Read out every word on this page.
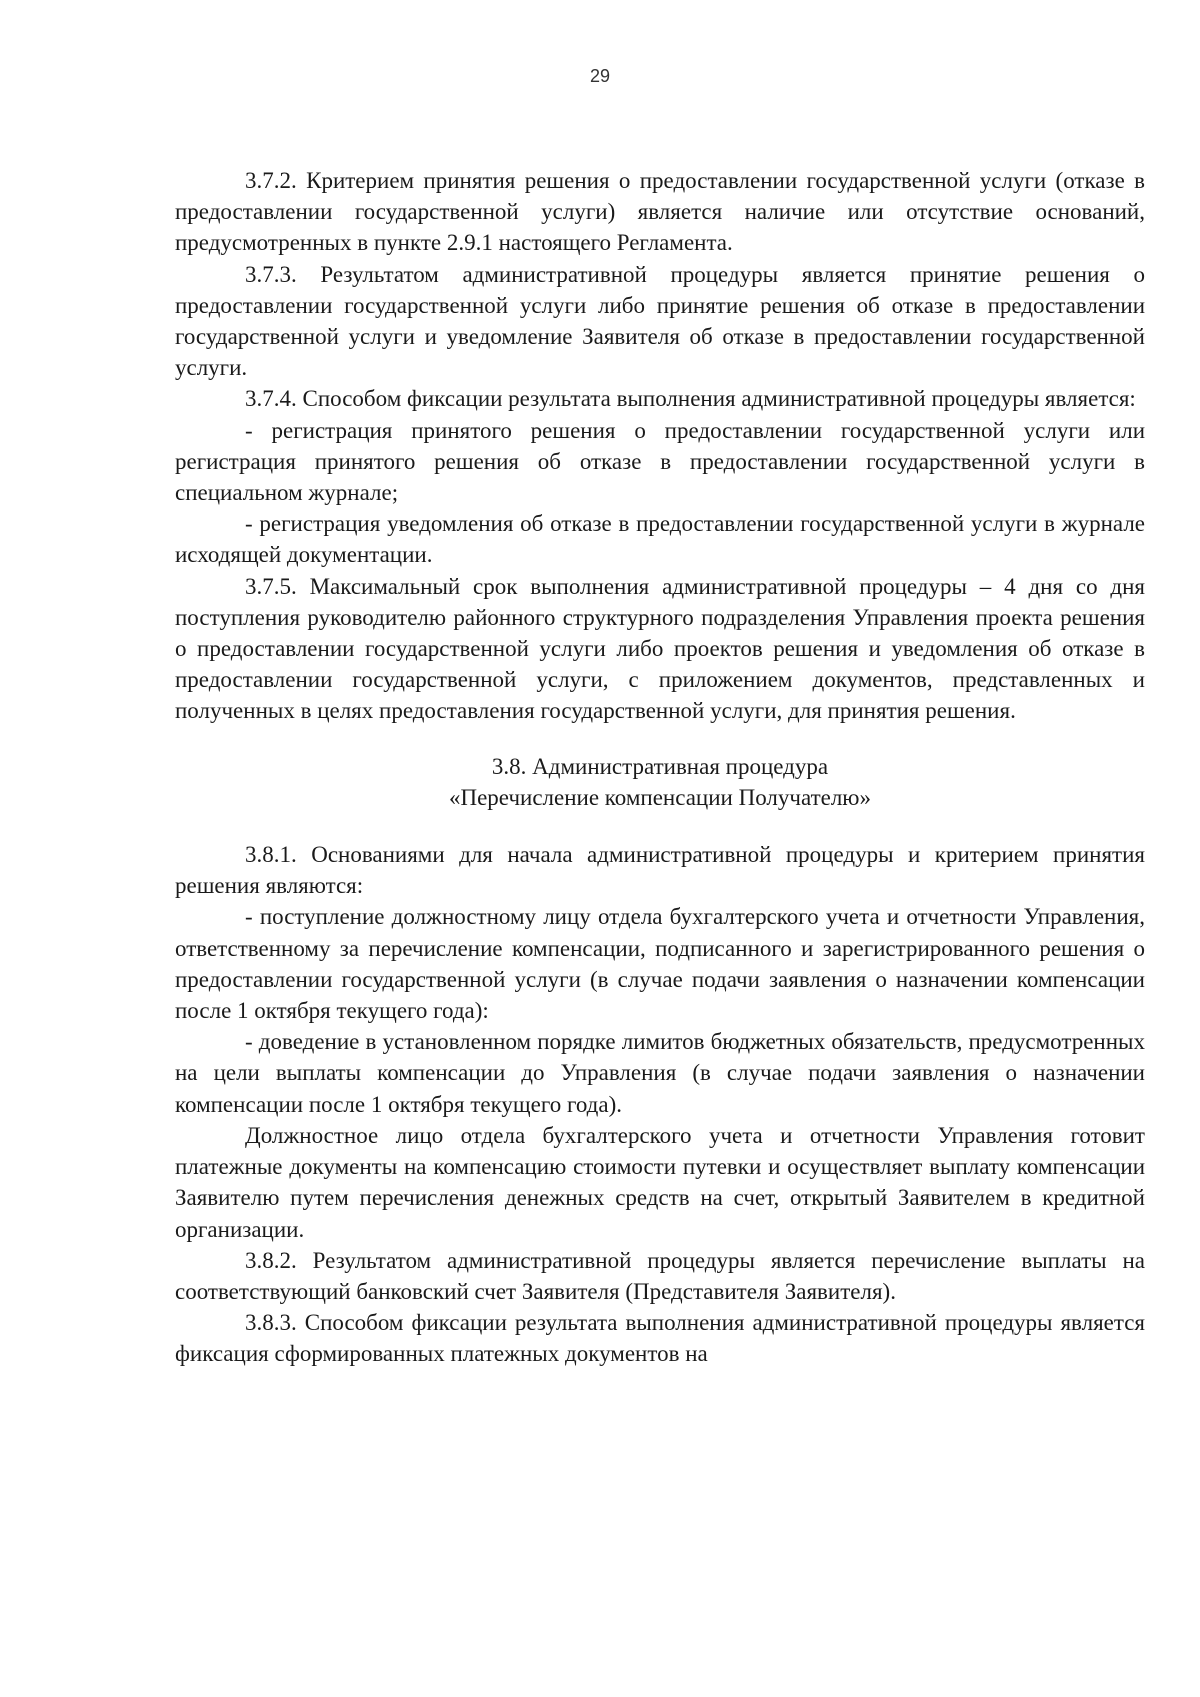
29

3.7.2. Критерием принятия решения о предоставлении государственной услуги (отказе в предоставлении государственной услуги) является наличие или отсутствие оснований, предусмотренных в пункте 2.9.1 настоящего Регламента.

3.7.3. Результатом административной процедуры является принятие решения о предоставлении государственной услуги либо принятие решения об отказе в предоставлении государственной услуги и уведомление Заявителя об отказе в предоставлении государственной услуги.

3.7.4. Способом фиксации результата выполнения административной процедуры является:

- регистрация принятого решения о предоставлении государственной услуги или регистрация принятого решения об отказе в предоставлении государственной услуги в специальном журнале;

- регистрация уведомления об отказе в предоставлении государственной услуги в журнале исходящей документации.

3.7.5. Максимальный срок выполнения административной процедуры – 4 дня со дня поступления руководителю районного структурного подразделения Управления проекта решения о предоставлении государственной услуги либо проектов решения и уведомления об отказе в предоставлении государственной услуги, с приложением документов, представленных и полученных в целях предоставления государственной услуги, для принятия решения.

3.8. Административная процедура
«Перечисление компенсации Получателю»

3.8.1. Основаниями для начала административной процедуры и критерием принятия решения являются:

- поступление должностному лицу отдела бухгалтерского учета и отчетности Управления, ответственному за перечисление компенсации, подписанного и зарегистрированного решения о предоставлении государственной услуги (в случае подачи заявления о назначении компенсации после 1 октября текущего года):

- доведение в установленном порядке лимитов бюджетных обязательств, предусмотренных на цели выплаты компенсации до Управления (в случае подачи заявления о назначении компенсации после 1 октября текущего года).

Должностное лицо отдела бухгалтерского учета и отчетности Управления готовит платежные документы на компенсацию стоимости путевки и осуществляет выплату компенсации Заявителю путем перечисления денежных средств на счет, открытый Заявителем в кредитной организации.

3.8.2. Результатом административной процедуры является перечисление выплаты на соответствующий банковский счет Заявителя (Представителя Заявителя).

3.8.3. Способом фиксации результата выполнения административной процедуры является фиксация сформированных платежных документов на
